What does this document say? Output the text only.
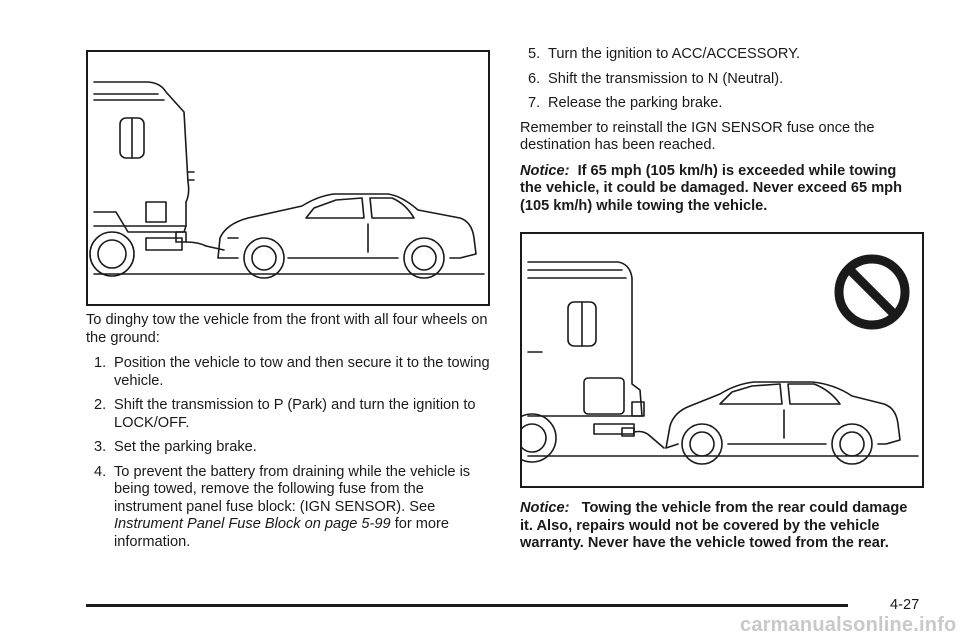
To dinghy tow the vehicle from the front with all four wheels on the ground:

1. Position the vehicle to tow and then secure it to the towing vehicle.
2. Shift the transmission to P (Park) and turn the ignition to LOCK/OFF.
3. Set the parking brake.
4. To prevent the battery from draining while the vehicle is being towed, remove the following fuse from the instrument panel fuse block: (IGN SENSOR). See Instrument Panel Fuse Block on page 5-99 for more information.
5. Turn the ignition to ACC/ACCESSORY.
6. Shift the transmission to N (Neutral).
7. Release the parking brake.

Remember to reinstall the IGN SENSOR fuse once the destination has been reached.

Notice: If 65 mph (105 km/h) is exceeded while towing the vehicle, it could be damaged. Never exceed 65 mph (105 km/h) while towing the vehicle.

Notice: Towing the vehicle from the rear could damage it. Also, repairs would not be covered by the vehicle warranty. Never have the vehicle towed from the rear.

4-27
carmanualsonline.info
